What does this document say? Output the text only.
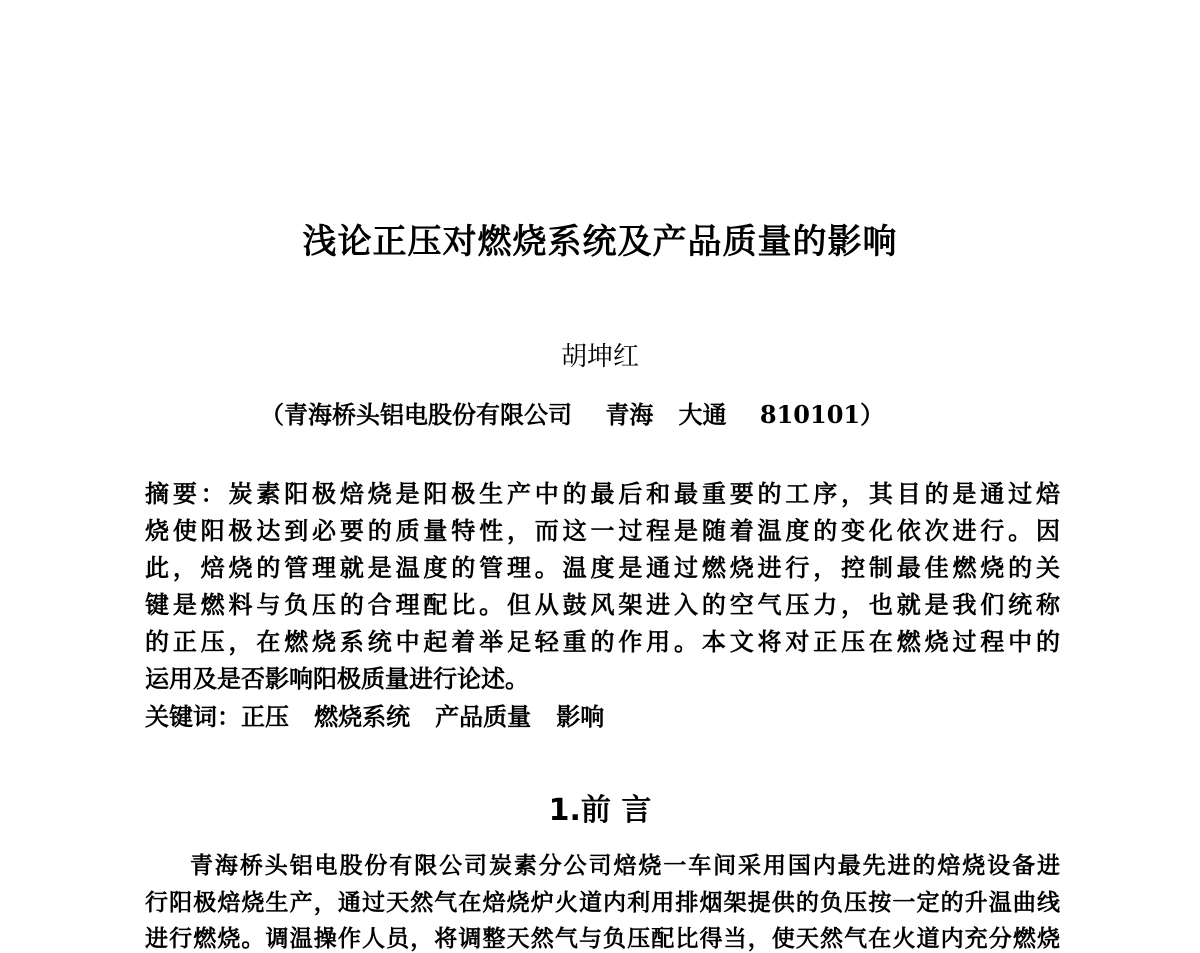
浅论正压对燃烧系统及产品质量的影响
胡坤红
（青海桥头铝电股份有限公司    青海   大通    810101）
摘要：炭素阳极焙烧是阳极生产中的最后和最重要的工序，其目的是通过焙
烧使阳极达到必要的质量特性，而这一过程是随着温度的变化依次进行。因
此，焙烧的管理就是温度的管理。温度是通过燃烧进行，控制最佳燃烧的关
键是燃料与负压的合理配比。但从鼓风架进入的空气压力，也就是我们统称
的正压，在燃烧系统中起着举足轻重的作用。本文将对正压在燃烧过程中的
运用及是否影响阳极质量进行论述。
关键词：正压   燃烧系统   产品质量   影响
1.前 言
青海桥头铝电股份有限公司炭素分公司焙烧一车间采用国内最先进的焙烧设备进
行阳极焙烧生产，通过天然气在焙烧炉火道内利用排烟架提供的负压按一定的升温曲线
进行燃烧。调温操作人员，将调整天然气与负压配比得当，使天然气在火道内充分燃烧
